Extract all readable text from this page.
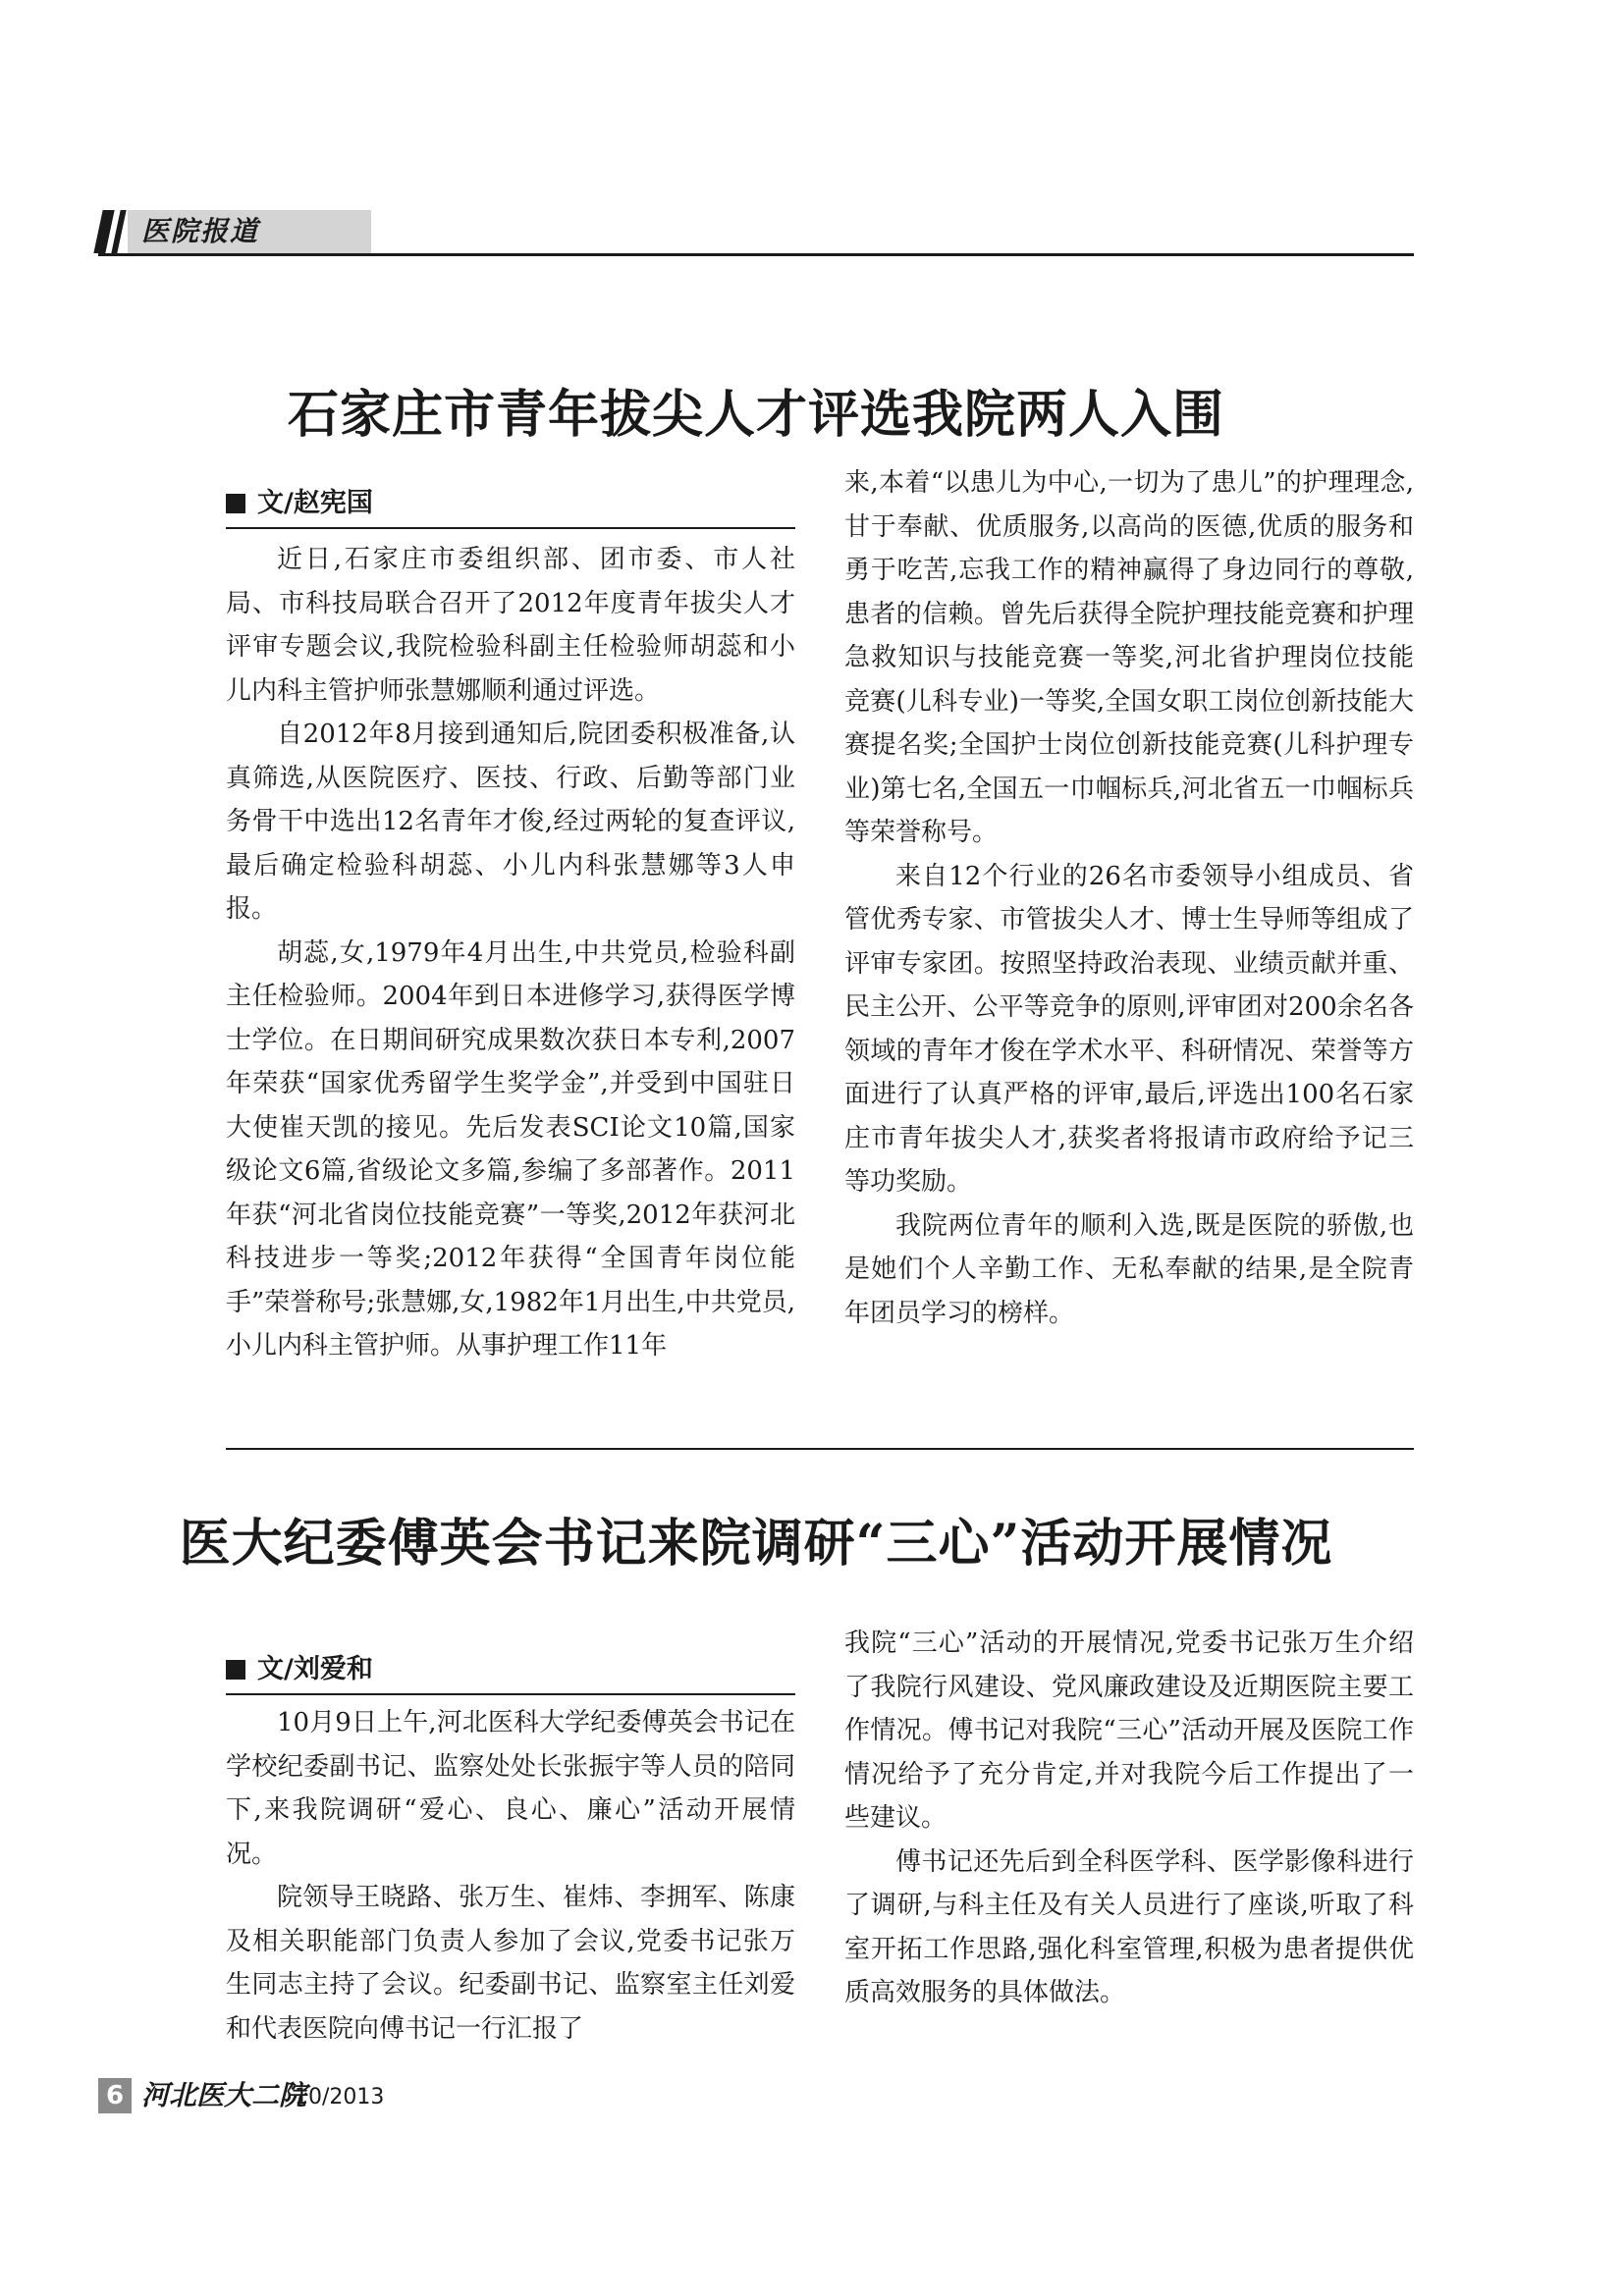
医院报道
石家庄市青年拔尖人才评选我院两人入围
文/赵宪国

近日,石家庄市委组织部、团市委、市人社局、市科技局联合召开了2012年度青年拔尖人才评审专题会议,我院检验科副主任检验师胡蕊和小儿内科主管护师张慧娜顺利通过评选。

自2012年8月接到通知后,院团委积极准备,认真筛选,从医院医疗、医技、行政、后勤等部门业务骨干中选出12名青年才俊,经过两轮的复查评议,最后确定检验科胡蕊、小儿内科张慧娜等3人申报。

胡蕊,女,1979年4月出生,中共党员,检验科副主任检验师。2004年到日本进修学习,获得医学博士学位。在日期间研究成果数次获日本专利,2007年荣获“国家优秀留学生奖学金”,并受到中国驻日大使崔天凯的接见。先后发表SCI论文10篇,国家级论文6篇,省级论文多篇,参编了多部著作。2011年获“河北省岗位技能竞赛”一等奖,2012年获河北科技进步一等奖;2012年获得“全国青年岗位能手”荣誉称号;张慧娜,女,1982年1月出生,中共党员,小儿内科主管护师。从事护理工作11年

来,本着“以患儿为中心,一切为了患儿”的护理理念,甘于奉献、优质服务,以高尚的医德,优质的服务和勇于吃苦,忘我工作的精神赢得了身边同行的尊敬,患者的信赖。曾先后获得全院护理技能竞赛和护理急救知识与技能竞赛一等奖,河北省护理岗位技能竞赛(儿科专业)一等奖,全国女职工岗位创新技能大赛提名奖;全国护士岗位创新技能竞赛(儿科护理专业)第七名,全国五一巾帼标兵,河北省五一巾帼标兵等荣誉称号。

来自12个行业的26名市委领导小组成员、省管优秀专家、市管拔尖人才、博士生导师等组成了评审专家团。按照坚持政治表现、业绩贡献并重、民主公开、公平等竞争的原则,评审团对200余名各领域的青年才俊在学术水平、科研情况、荣誉等方面进行了认真严格的评审,最后,评选出100名石家庄市青年拔尖人才,获奖者将报请市政府给予记三等功奖励。

我院两位青年的顺利入选,既是医院的骄傲,也是她们个人辛勤工作、无私奉献的结果,是全院青年团员学习的榜样。

医大纪委傅英会书记来院调研“三心”活动开展情况
文/刘爱和

10月9日上午,河北医科大学纪委傅英会书记在学校纪委副书记、监察处处长张振宇等人员的陪同下,来我院调研“爱心、良心、廉心”活动开展情况。

院领导王晓路、张万生、崔炜、李拥军、陈康及相关职能部门负责人参加了会议,党委书记张万生同志主持了会议。纪委副书记、监察室主任刘爱和代表医院向傅书记一行汇报了

我院“三心”活动的开展情况,党委书记张万生介绍了我院行风建设、党风廉政建设及近期医院主要工作情况。傅书记对我院“三心”活动开展及医院工作情况给予了充分肯定,并对我院今后工作提出了一些建议。

傅书记还先后到全科医学科、医学影像科进行了调研,与科主任及有关人员进行了座谈,听取了科室开拓工作思路,强化科室管理,积极为患者提供优质高效服务的具体做法。

6 河北医大二院
10/2013
